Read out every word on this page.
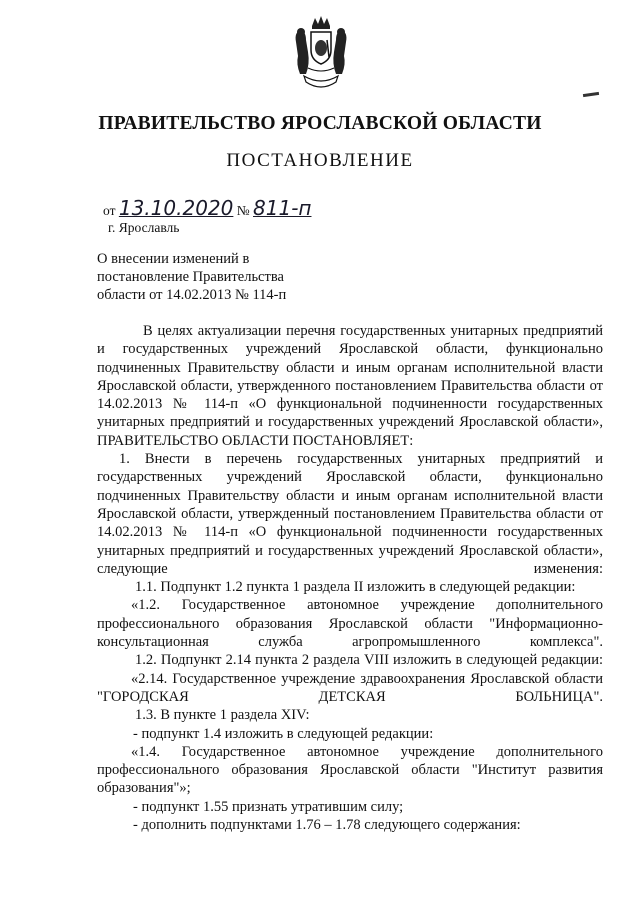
ПРАВИТЕЛЬСТВО ЯРОСЛАВСКОЙ ОБЛАСТИ
ПОСТАНОВЛЕНИЕ
от 13.10.2020 № 811-п
г. Ярославль
О внесении изменений в
постановление Правительства
области от 14.02.2013 № 114-п

В целях актуализации перечня государственных унитарных предприятий и государственных учреждений Ярославской области, функционально подчиненных Правительству области и иным органам исполнительной власти Ярославской области, утвержденного постановлением Правительства области от 14.02.2013 № 114-п «О функциональной подчиненности государственных унитарных предприятий и государственных учреждений Ярославской области»,

ПРАВИТЕЛЬСТВО ОБЛАСТИ ПОСТАНОВЛЯЕТ:

1. Внести в перечень государственных унитарных предприятий и государственных учреждений Ярославской области, функционально подчиненных Правительству области и иным органам исполнительной власти Ярославской области, утвержденный постановлением Правительства области от 14.02.2013 № 114-п «О функциональной подчиненности государственных унитарных предприятий и государственных учреждений Ярославской области», следующие изменения:

1.1. Подпункт 1.2 пункта 1 раздела II изложить в следующей редакции:

«1.2. Государственное автономное учреждение дополнительного профессионального образования Ярославской области "Информационно-консультационная служба агропромышленного комплекса".

1.2. Подпункт 2.14 пункта 2 раздела VIII изложить в следующей редакции:

«2.14. Государственное учреждение здравоохранения Ярославской области "ГОРОДСКАЯ ДЕТСКАЯ БОЛЬНИЦА".

1.3. В пункте 1 раздела XIV:

- подпункт 1.4 изложить в следующей редакции:

«1.4. Государственное автономное учреждение дополнительного профессионального образования Ярославской области "Институт развития образования"»;

- подпункт 1.55 признать утратившим силу;

- дополнить подпунктами 1.76 – 1.78 следующего содержания:
